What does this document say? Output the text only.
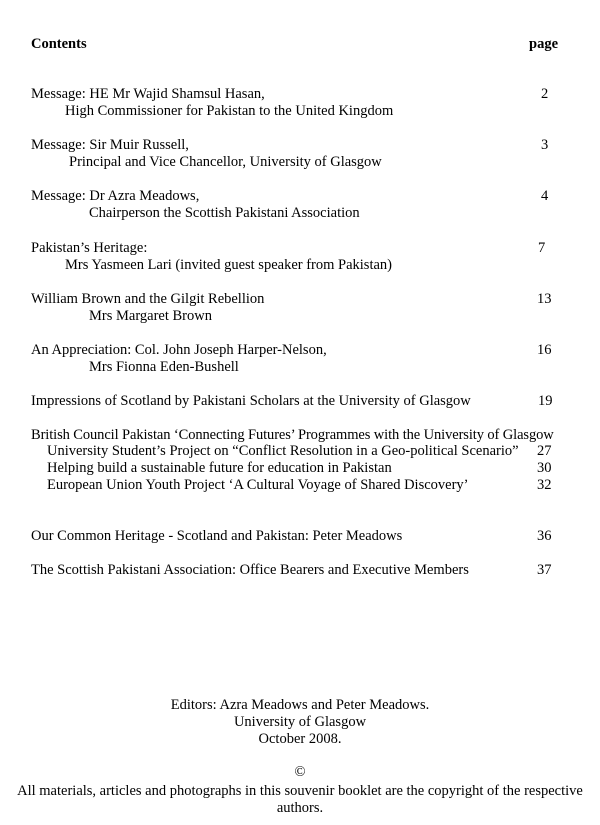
Contents	page
Message: HE Mr Wajid Shamsul Hasan,	2
High Commissioner for Pakistan to the United Kingdom
Message: Sir Muir Russell,	3
Principal and Vice Chancellor, University of Glasgow
Message: Dr Azra Meadows,	4
Chairperson the Scottish Pakistani Association
Pakistan’s Heritage:	7
Mrs Yasmeen Lari (invited guest speaker from Pakistan)
William Brown and the Gilgit Rebellion	13
Mrs Margaret Brown
An Appreciation: Col. John Joseph Harper-Nelson,	16
Mrs Fionna Eden-Bushell
Impressions of Scotland by Pakistani Scholars at the University of Glasgow	19
British Council Pakistan ‘Connecting Futures’ Programmes with the University of Glasgow
University Student’s Project on “Conflict Resolution in a Geo-political Scenario” 27
Helping build a sustainable future for education in Pakistan	30
European Union Youth Project ‘A Cultural Voyage of Shared Discovery’	32
Our Common Heritage - Scotland and Pakistan: Peter Meadows	36
The Scottish Pakistani Association: Office Bearers and Executive Members	37
Editors: Azra Meadows and Peter Meadows.
University of Glasgow
October 2008.
©
All materials, articles and photographs in this souvenir booklet are the copyright of the respective
authors.
